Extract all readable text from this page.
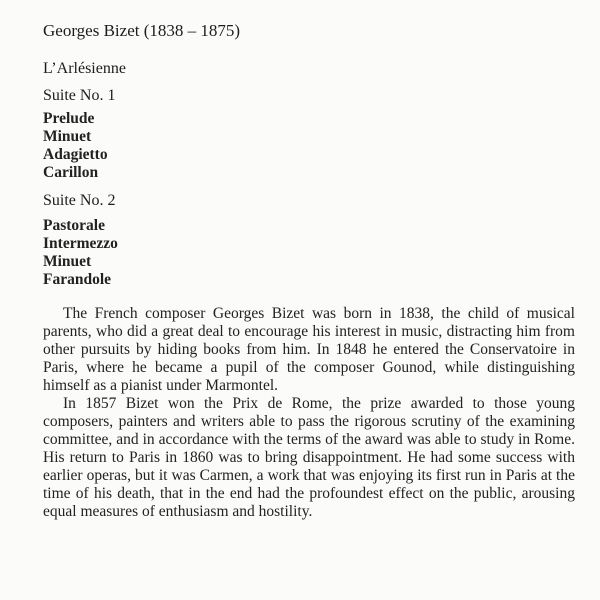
Georges Bizet (1838 – 1875)
L’Arlésienne
Suite No. 1
Prelude
Minuet
Adagietto
Carillon
Suite No. 2
Pastorale
Intermezzo
Minuet
Farandole

The French composer Georges Bizet was born in 1838, the child of musical parents, who did a great deal to encourage his interest in music, distracting him from other pursuits by hiding books from him. In 1848 he entered the Conservatoire in Paris, where he became a pupil of the composer Gounod, while distinguishing himself as a pianist under Marmontel.

In 1857 Bizet won the Prix de Rome, the prize awarded to those young composers, painters and writers able to pass the rigorous scrutiny of the examining committee, and in accordance with the terms of the award was able to study in Rome. His return to Paris in 1860 was to bring disappointment. He had some success with earlier operas, but it was Carmen, a work that was enjoying its first run in Paris at the time of his death, that in the end had the profoundest effect on the public, arousing equal measures of enthusiasm and hostility.
